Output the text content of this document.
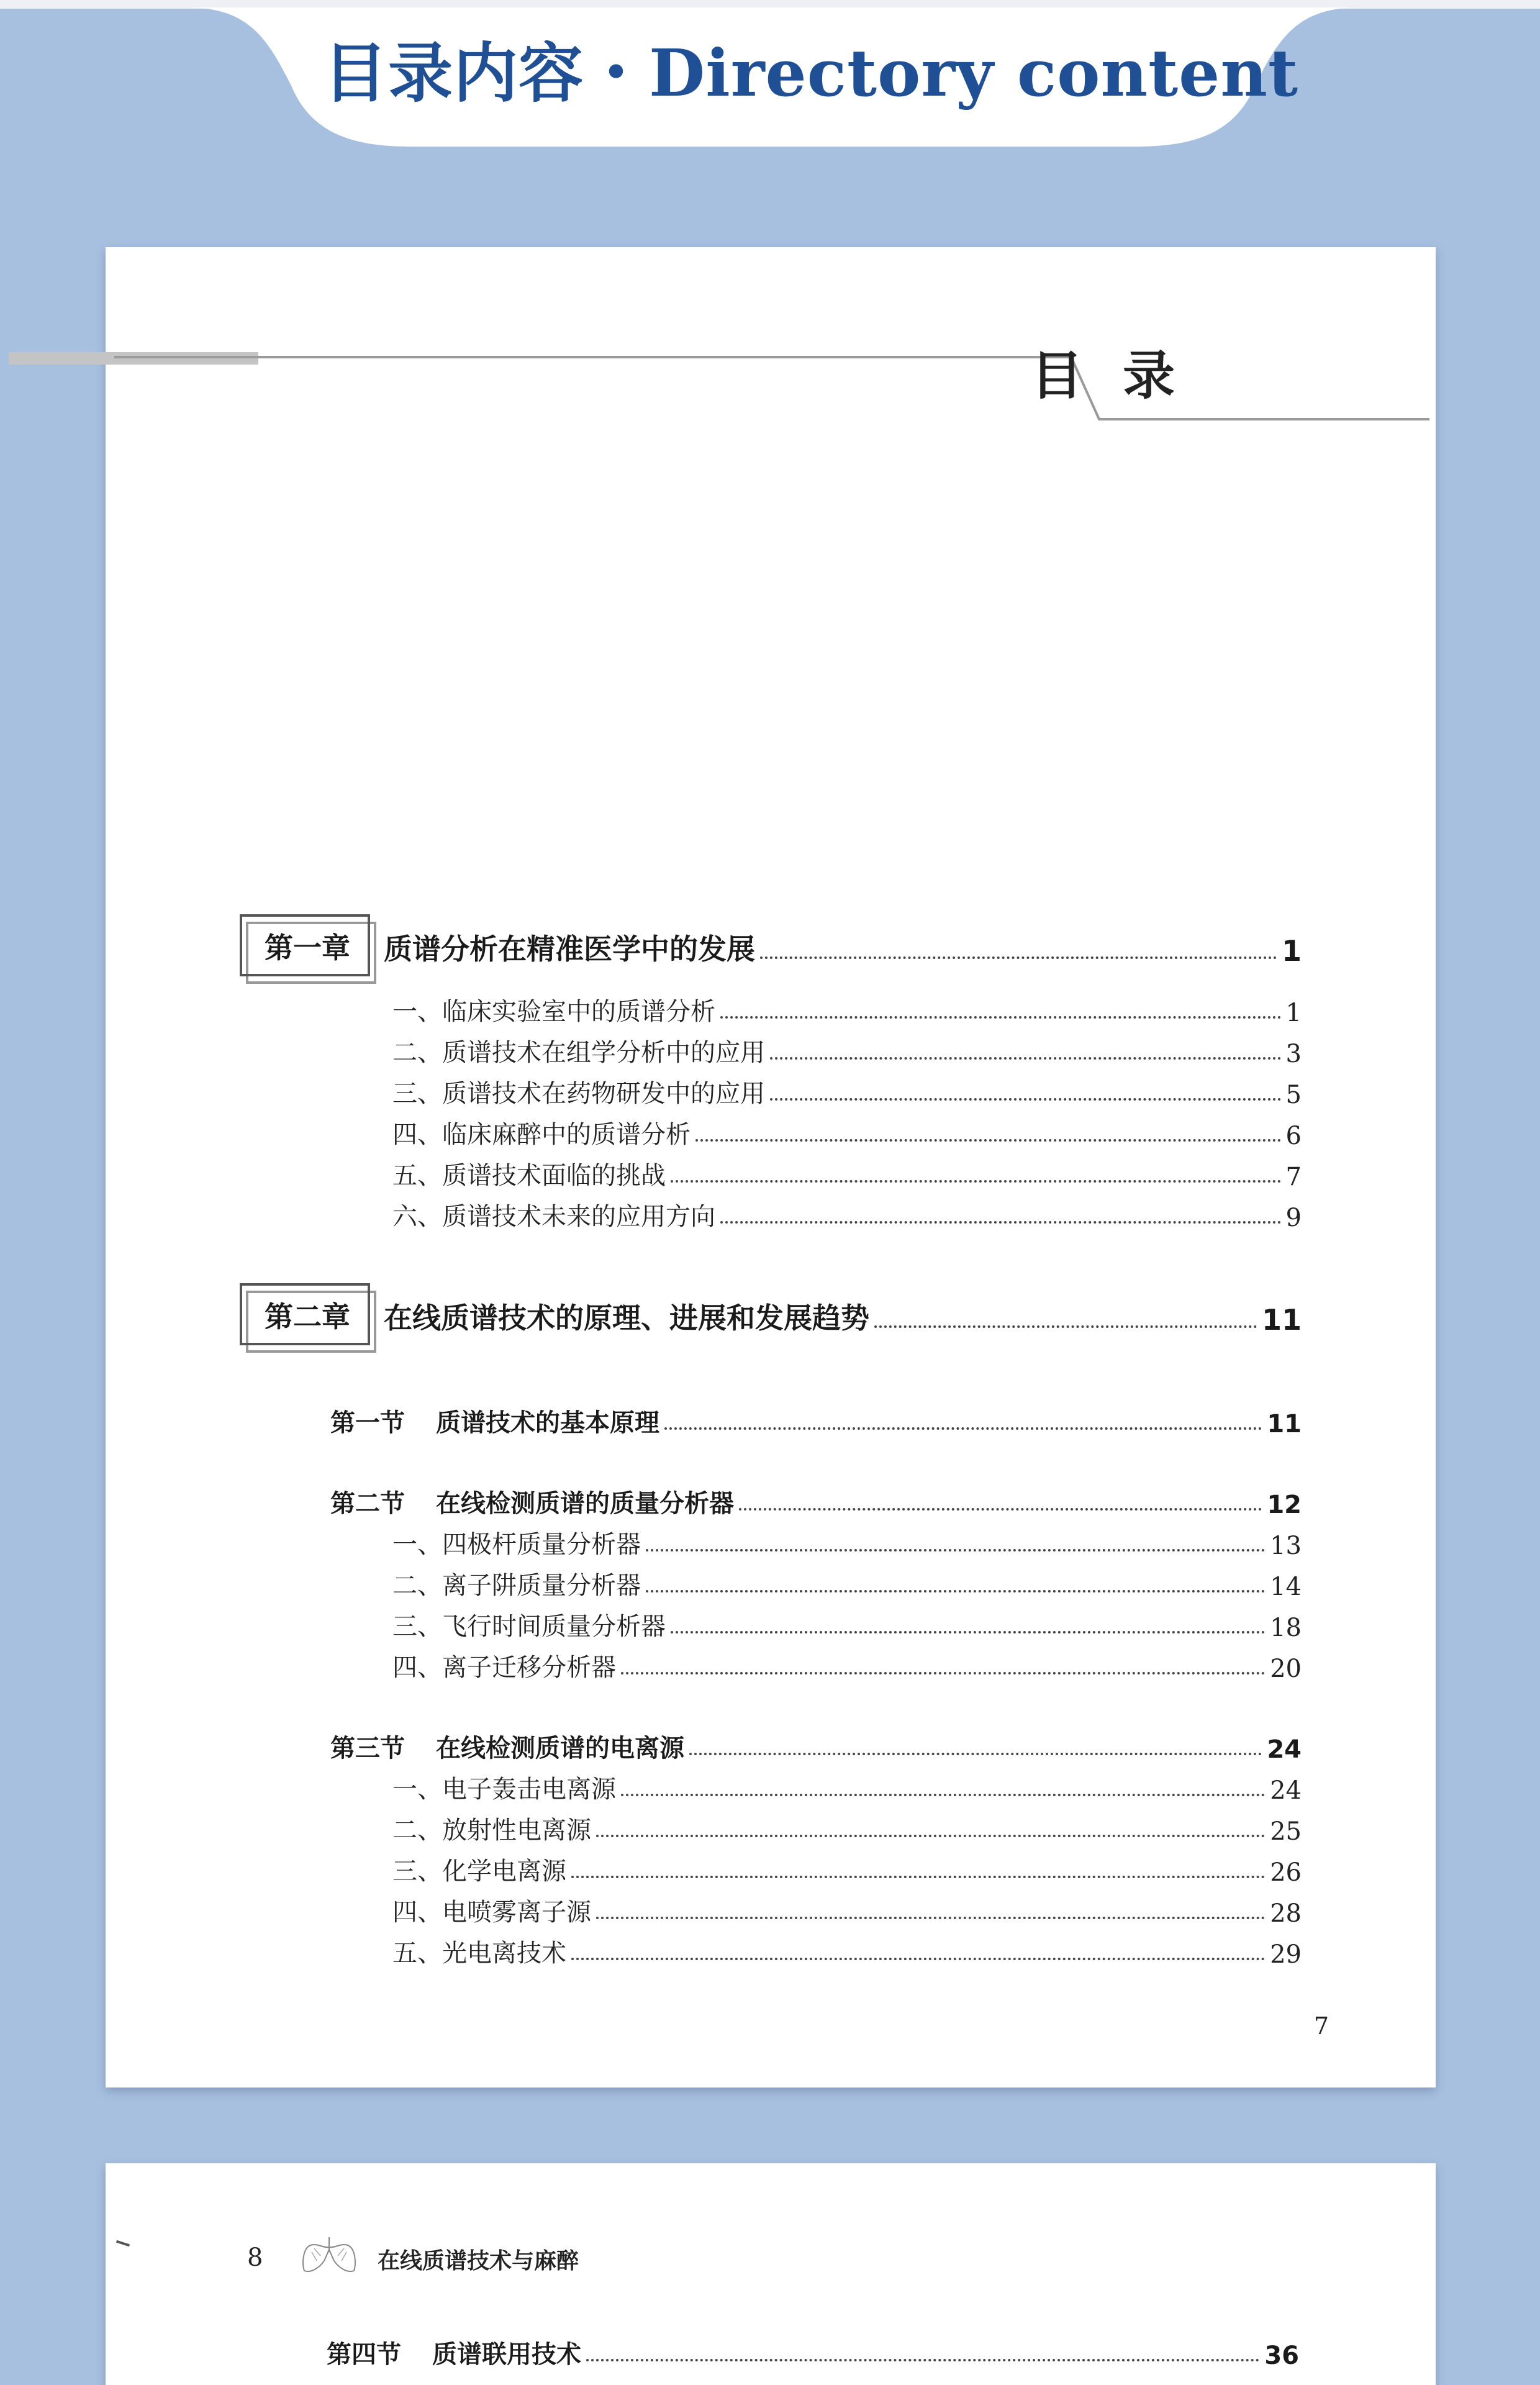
目录内容・Directory content
目录
第一章	质谱分析在精准医学中的发展	1
一、临床实验室中的质谱分析	1
二、质谱技术在组学分析中的应用	3
三、质谱技术在药物研发中的应用	5
四、临床麻醉中的质谱分析	6
五、质谱技术面临的挑战	7
六、质谱技术未来的应用方向	9
第二章	在线质谱技术的原理、进展和发展趋势	11
第一节 质谱技术的基本原理	11
第二节 在线检测质谱的质量分析器	12
一、四极杆质量分析器	13
二、离子阱质量分析器	14
三、飞行时间质量分析器	18
四、离子迁移分析器	20
第三节 在线检测质谱的电离源	24
一、电子轰击电离源	24
二、放射性电离源	25
三、化学电离源	26
四、电喷雾离子源	28
五、光电离技术	29
7
8	在线质谱技术与麻醉
第四节 质谱联用技术	36
